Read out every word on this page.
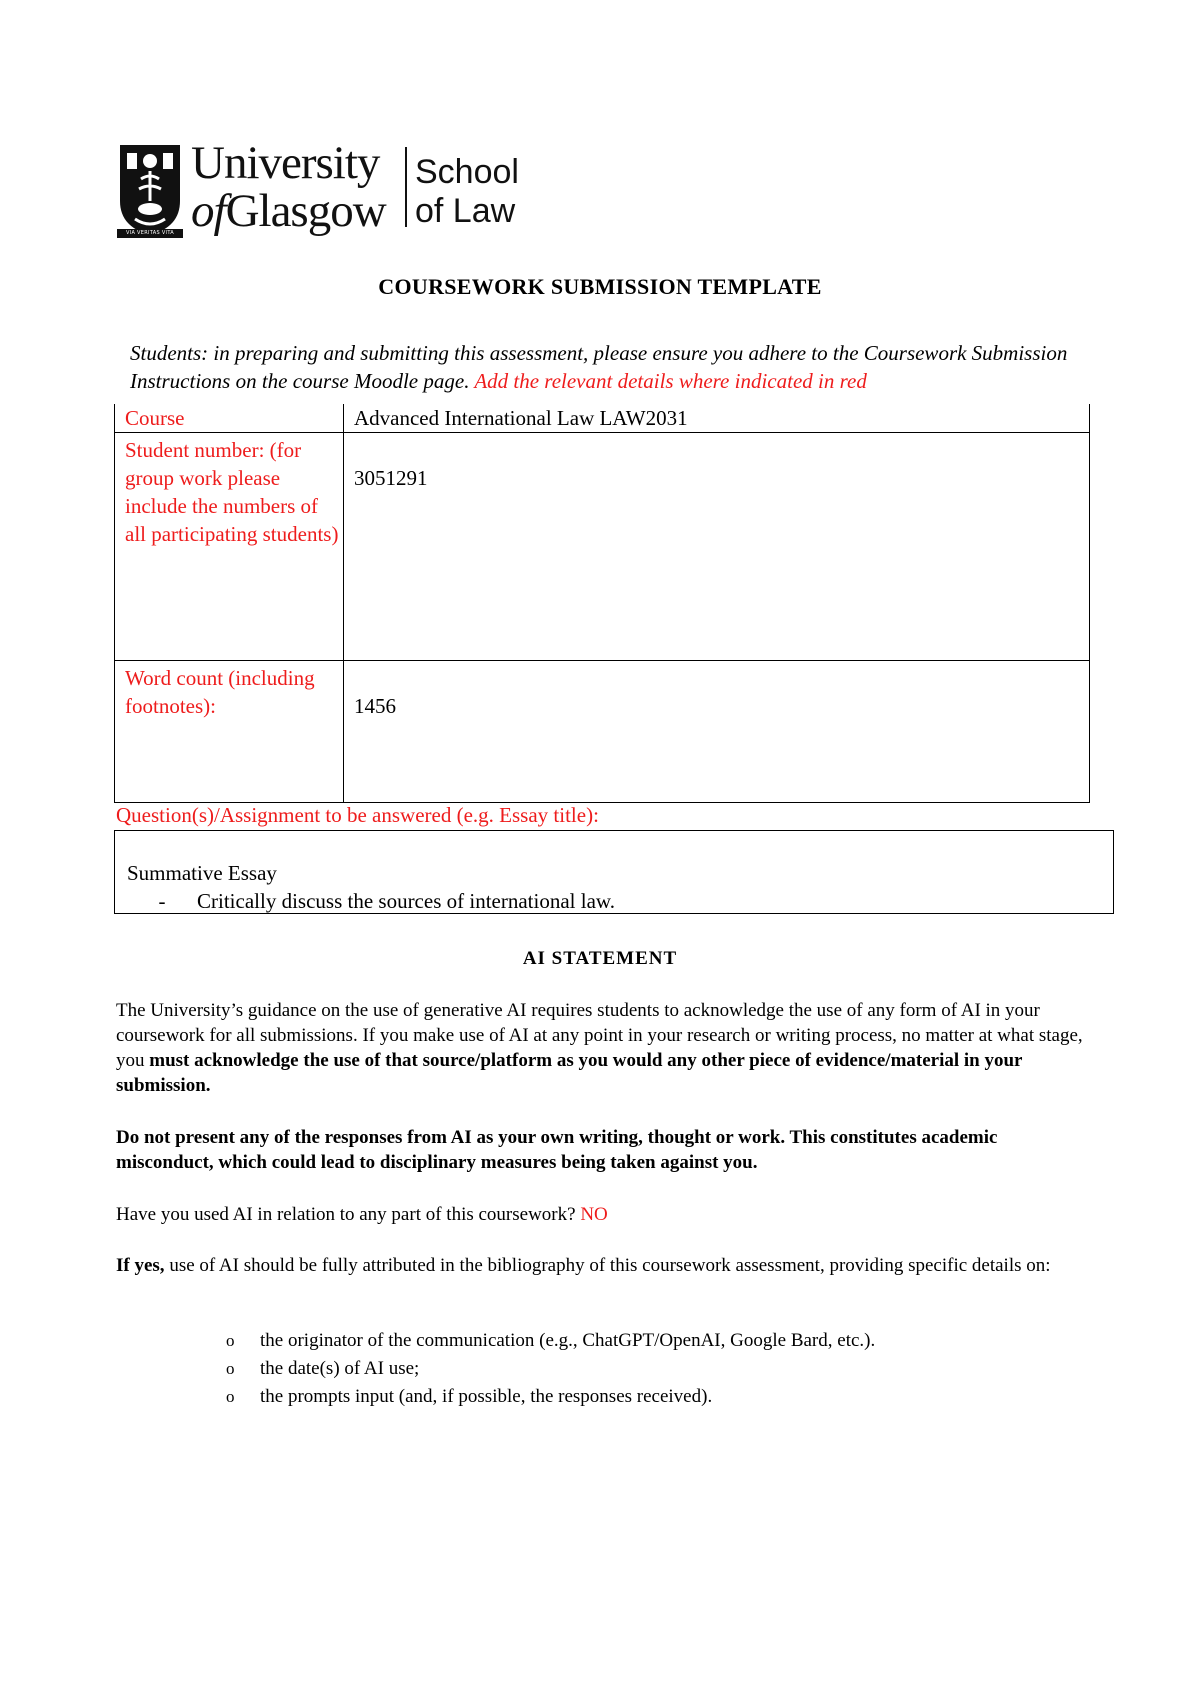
VIA VERITAS VITA
University
ofGlasgow
School
of Law
COURSEWORK SUBMISSION TEMPLATE
Students: in preparing and submitting this assessment, please ensure you adhere to the Coursework Submission Instructions on the course Moodle page. Add the relevant details where indicated in red
Course	Advanced International Law LAW2031
Student number: (for group work please include the numbers of all participating students)	3051291
Word count (including footnotes):	1456
Question(s)/Assignment to be answered (e.g. Essay title):
Summative Essay
- Critically discuss the sources of international law.
AI STATEMENT
The University’s guidance on the use of generative AI requires students to acknowledge the use of any form of AI in your coursework for all submissions. If you make use of AI at any point in your research or writing process, no matter at what stage, you must acknowledge the use of that source/platform as you would any other piece of evidence/material in your submission.
Do not present any of the responses from AI as your own writing, thought or work. This constitutes academic misconduct, which could lead to disciplinary measures being taken against you.
Have you used AI in relation to any part of this coursework? NO
If yes, use of AI should be fully attributed in the bibliography of this coursework assessment, providing specific details on:
o the originator of the communication (e.g., ChatGPT/OpenAI, Google Bard, etc.).
o the date(s) of AI use;
o the prompts input (and, if possible, the responses received).
